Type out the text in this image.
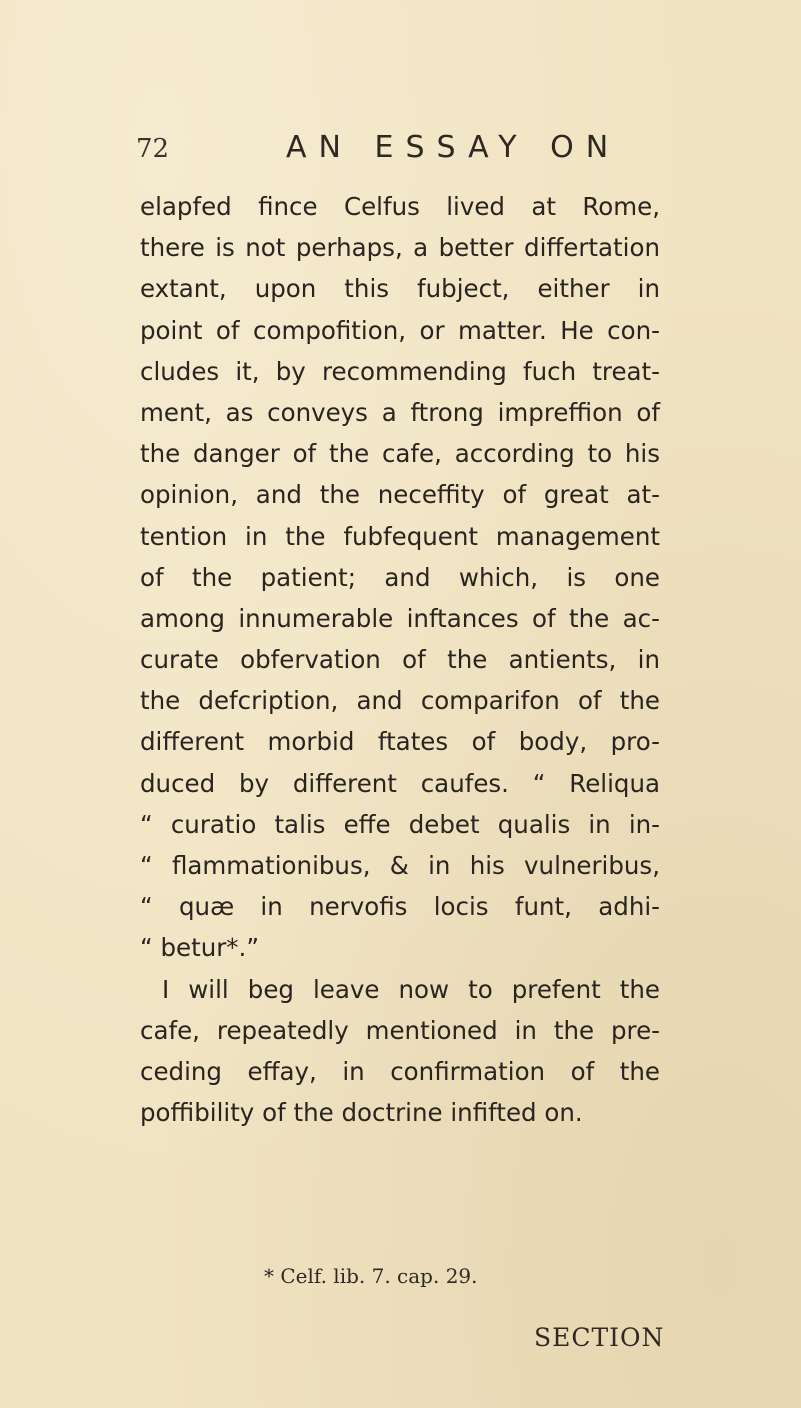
72	AN ESSAY ON
elapfed fince Celfus lived at Rome,
there is not perhaps, a better differtation
extant, upon this fubject, either in
point of compofition, or matter. He con-
cludes it, by recommending fuch treat-
ment, as conveys a ftrong impreffion of
the danger of the cafe, according to his
opinion, and the neceffity of great at-
tention in the fubfequent management
of the patient; and which, is one
among innumerable inftances of the ac-
curate obfervation of the antients, in
the defcription, and comparifon of the
different morbid ftates of body, pro-
duced by different caufes. “ Reliqua
“ curatio talis effe debet qualis in in-
“ flammationibus, & in his vulneribus,
“ quæ in nervofis locis funt, adhi-
“ betur*.”
I will beg leave now to prefent the
cafe, repeatedly mentioned in the pre-
ceding effay, in confirmation of the
poffibility of the doctrine infifted on.
* Celf. lib. 7. cap. 29.
SECTION
